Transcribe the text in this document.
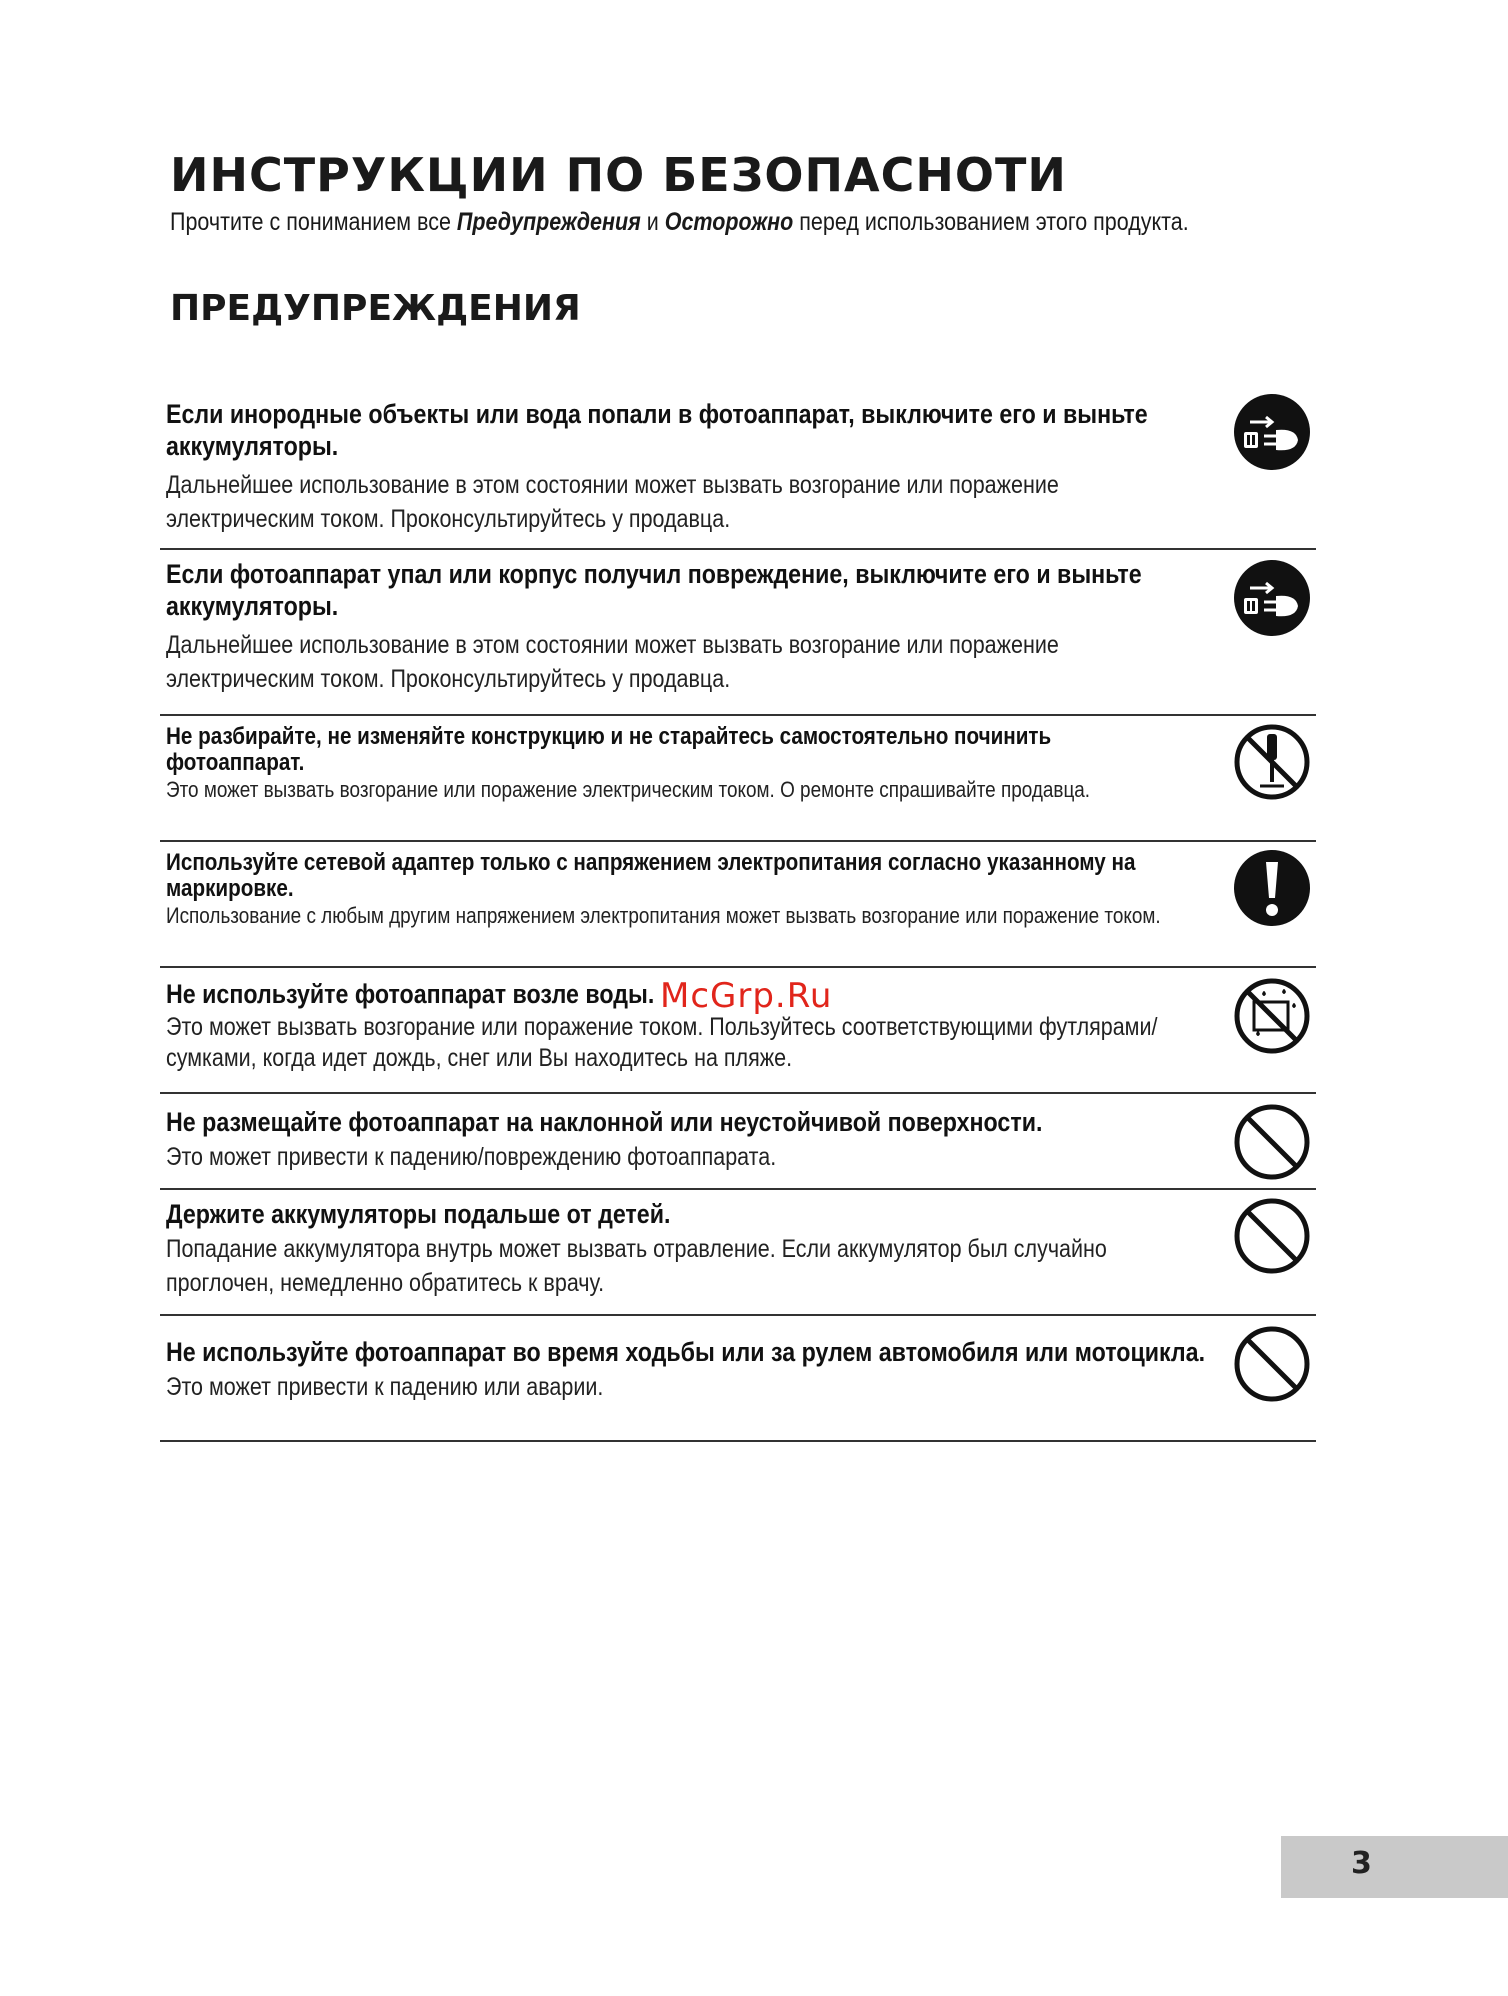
ИНСТРУКЦИИ ПО БЕЗОПАСНОТИ

Прочтите с пониманием все Предупреждения и Осторожно перед использованием этого продукта.

ПРЕДУПРЕЖДЕНИЯ
Если инородные объекты или вода попали в фотоаппарат, выключите его и выньте аккумуляторы.
Дальнейшее использование в этом состоянии может вызвать возгорание или поражение электрическим током. Проконсультируйтесь у продавца.
Если фотоаппарат упал или корпус получил повреждение, выключите его и выньте аккумуляторы.
Дальнейшее использование в этом состоянии может вызвать возгорание или поражение электрическим током. Проконсультируйтесь у продавца.
Не разбирайте, не изменяйте конструкцию и не старайтесь самостоятельно починить фотоаппарат.
Это может вызвать возгорание или поражение электрическим током. О ремонте спрашивайте продавца.
Используйте сетевой адаптер только с напряжением электропитания согласно указанному на маркировке.
Использование с любым другим напряжением электропитания может вызвать возгорание или поражение током.
Не используйте фотоаппарат возле воды.
Это может вызвать возгорание или поражение током. Пользуйтесь соответствующими футлярами/сумками, когда идет дождь, снег или Вы находитесь на пляже.
Не размещайте фотоаппарат на наклонной или неустойчивой поверхности.
Это может привести к падению/повреждению фотоаппарата.
Держите аккумуляторы подальше от детей.
Попадание аккумулятора внутрь может вызвать отравление. Если аккумулятор был случайно проглочен, немедленно обратитесь к врачу.
Не используйте фотоаппарат во время ходьбы или за рулем автомобиля или мотоцикла.
Это может привести к падению или аварии.
McGrp.Ru
3
